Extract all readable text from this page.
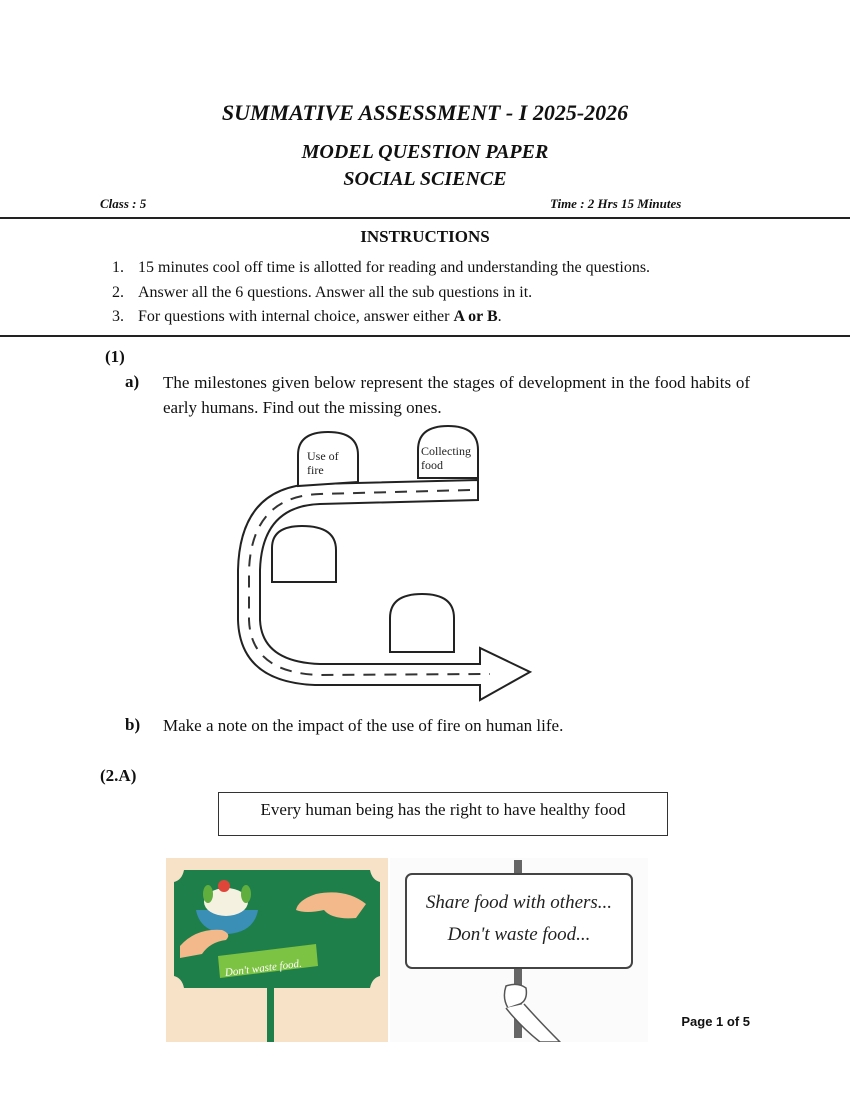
SUMMATIVE ASSESSMENT - I 2025-2026
MODEL QUESTION PAPER
SOCIAL SCIENCE
Class : 5	Time : 2 Hrs 15 Minutes
INSTRUCTIONS
1. 15 minutes cool off time is allotted for reading and understanding the questions.
2. Answer all the 6 questions. Answer all the sub questions in it.
3. For questions with internal choice, answer either A or B.
(1)
a) The milestones given below represent the stages of development in the food habits of early humans. Find out the missing ones.
Use of
fire
Collecting
food
b) Make a note on the impact of the use of fire on human life.
(2.A)
Every human being has the right to have healthy food
Don't waste food.
Share food with others...
Don't waste food...
Page 1 of 5
